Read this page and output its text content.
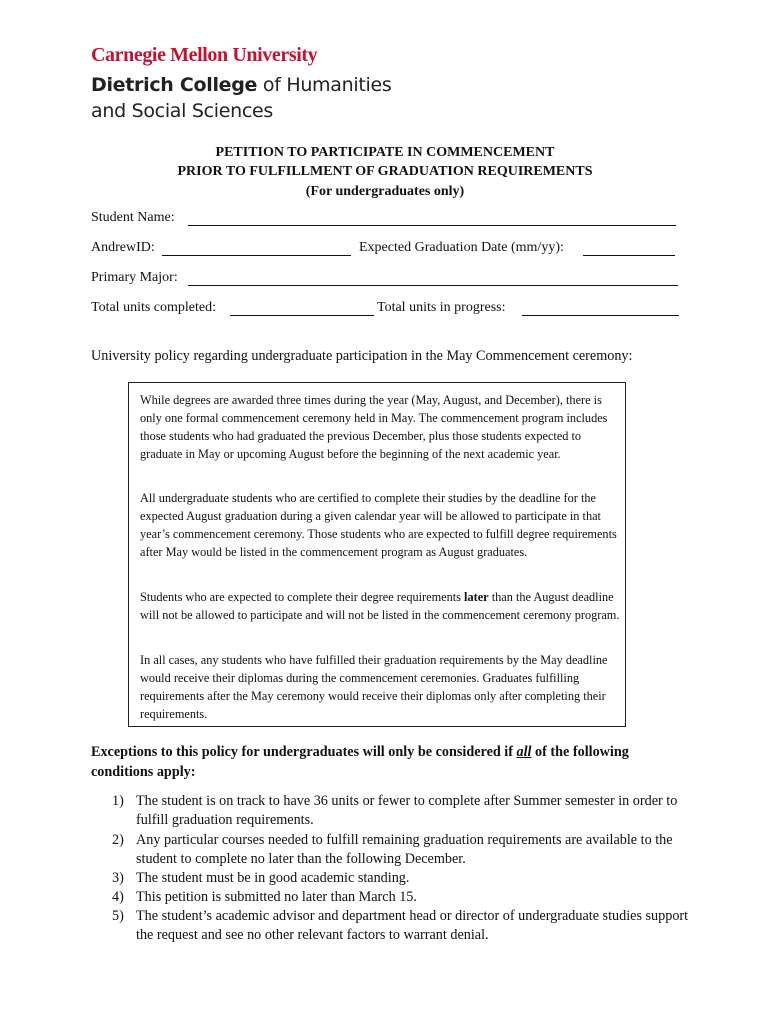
Carnegie Mellon University
Dietrich College of Humanities
and Social Sciences
PETITION TO PARTICIPATE IN COMMENCEMENT
PRIOR TO FULFILLMENT OF GRADUATION REQUIREMENTS
(For undergraduates only)
Student Name:
AndrewID:	Expected Graduation Date (mm/yy):
Primary Major:
Total units completed:	Total units in progress:
University policy regarding undergraduate participation in the May Commencement ceremony:
While degrees are awarded three times during the year (May, August, and December), there is only one formal commencement ceremony held in May. The commencement program includes those students who had graduated the previous December, plus those students expected to graduate in May or upcoming August before the beginning of the next academic year.
All undergraduate students who are certified to complete their studies by the deadline for the expected August graduation during a given calendar year will be allowed to participate in that year’s commencement ceremony. Those students who are expected to fulfill degree requirements after May would be listed in the commencement program as August graduates.
Students who are expected to complete their degree requirements later than the August deadline will not be allowed to participate and will not be listed in the commencement ceremony program.
In all cases, any students who have fulfilled their graduation requirements by the May deadline would receive their diplomas during the commencement ceremonies. Graduates fulfilling requirements after the May ceremony would receive their diplomas only after completing their requirements.
Exceptions to this policy for undergraduates will only be considered if all of the following conditions apply:
1) The student is on track to have 36 units or fewer to complete after Summer semester in order to fulfill graduation requirements.
2) Any particular courses needed to fulfill remaining graduation requirements are available to the student to complete no later than the following December.
3) The student must be in good academic standing.
4) This petition is submitted no later than March 15.
5) The student’s academic advisor and department head or director of undergraduate studies support the request and see no other relevant factors to warrant denial.
